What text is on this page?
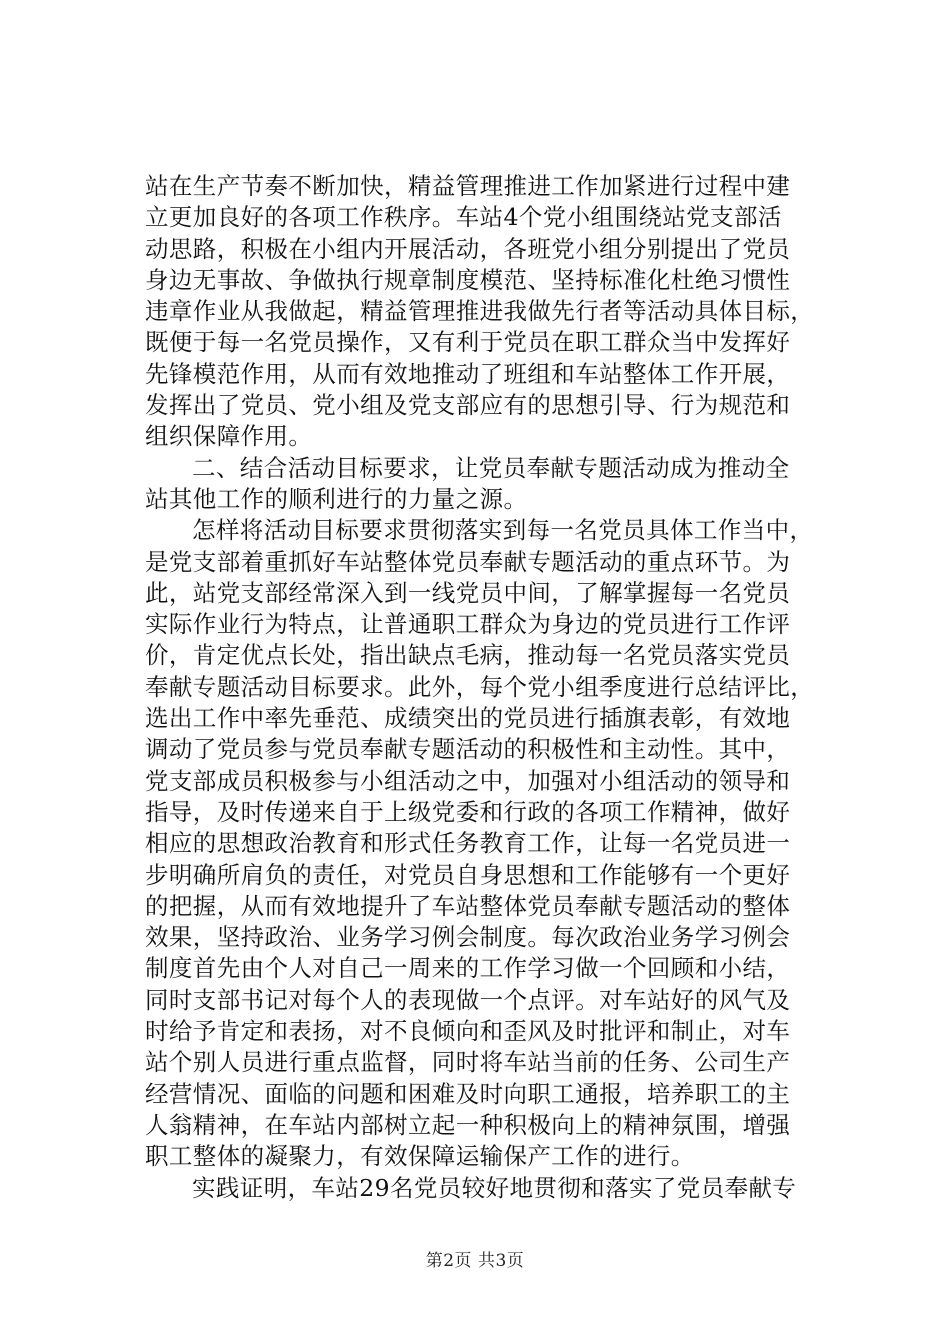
站在生产节奏不断加快，精益管理推进工作加紧进行过程中建
立更加良好的各项工作秩序。车站4个党小组围绕站党支部活
动思路，积极在小组内开展活动，各班党小组分别提出了党员
身边无事故、争做执行规章制度模范、坚持标准化杜绝习惯性
违章作业从我做起，精益管理推进我做先行者等活动具体目标，
既便于每一名党员操作，又有利于党员在职工群众当中发挥好
先锋模范作用，从而有效地推动了班组和车站整体工作开展，
发挥出了党员、党小组及党支部应有的思想引导、行为规范和
组织保障作用。
二、结合活动目标要求，让党员奉献专题活动成为推动全
站其他工作的顺利进行的力量之源。
怎样将活动目标要求贯彻落实到每一名党员具体工作当中，
是党支部着重抓好车站整体党员奉献专题活动的重点环节。为
此，站党支部经常深入到一线党员中间，了解掌握每一名党员
实际作业行为特点，让普通职工群众为身边的党员进行工作评
价，肯定优点长处，指出缺点毛病，推动每一名党员落实党员
奉献专题活动目标要求。此外，每个党小组季度进行总结评比，
选出工作中率先垂范、成绩突出的党员进行插旗表彰，有效地
调动了党员参与党员奉献专题活动的积极性和主动性。其中，
党支部成员积极参与小组活动之中，加强对小组活动的领导和
指导，及时传递来自于上级党委和行政的各项工作精神，做好
相应的思想政治教育和形式任务教育工作，让每一名党员进一
步明确所肩负的责任，对党员自身思想和工作能够有一个更好
的把握，从而有效地提升了车站整体党员奉献专题活动的整体
效果，坚持政治、业务学习例会制度。每次政治业务学习例会
制度首先由个人对自己一周来的工作学习做一个回顾和小结，
同时支部书记对每个人的表现做一个点评。对车站好的风气及
时给予肯定和表扬，对不良倾向和歪风及时批评和制止，对车
站个别人员进行重点监督，同时将车站当前的任务、公司生产
经营情况、面临的问题和困难及时向职工通报，培养职工的主
人翁精神，在车站内部树立起一种积极向上的精神氛围，增强
职工整体的凝聚力，有效保障运输保产工作的进行。
实践证明，车站29名党员较好地贯彻和落实了党员奉献专
第2页 共3页
